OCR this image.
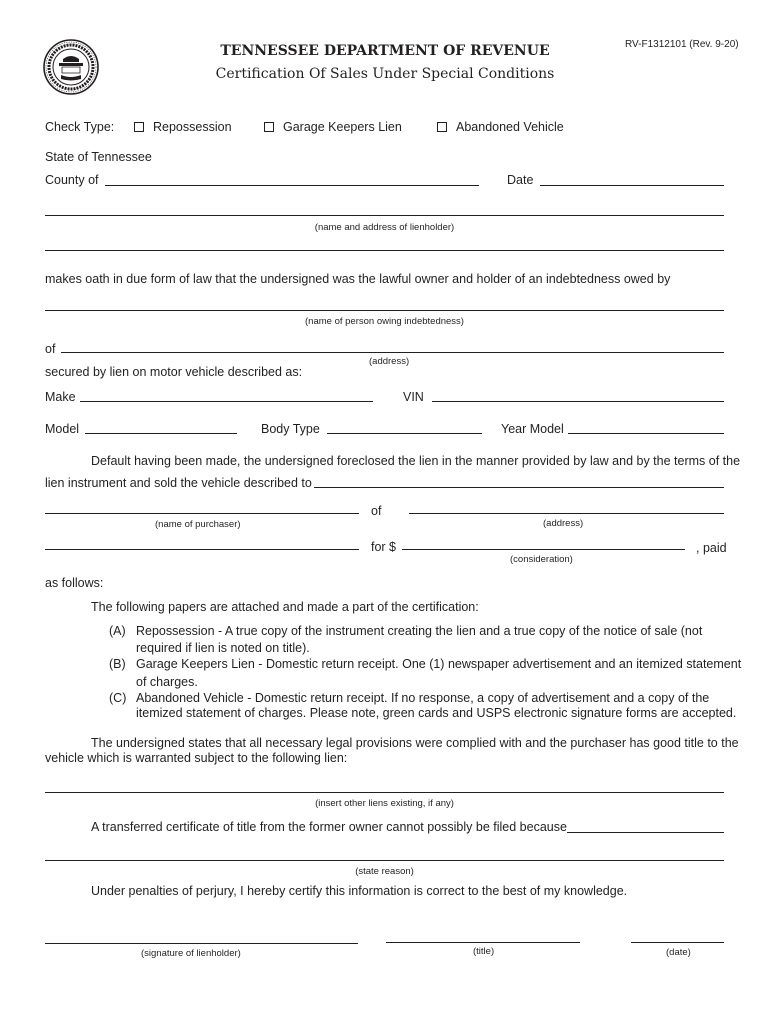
RV-F1312101 (Rev. 9-20)
TENNESSEE DEPARTMENT OF REVENUE
Certification Of Sales Under Special Conditions
Check Type:	Repossession	Garage Keepers Lien	Abandoned Vehicle
State of Tennessee
County of	Date
(name and address of lienholder)
makes oath in due form of law that the undersigned was the lawful owner and holder of an indebtedness owed by
(name of person owing indebtedness)
of
(address)
secured by lien on motor vehicle described as:
Make	VIN
Model	Body Type	Year Model
Default having been made, the undersigned foreclosed the lien in the manner provided by law and by the terms of the
lien instrument and sold the vehicle described to
of
(name of purchaser)	(address)
for $	, paid
(consideration)
as follows:
The following papers are attached and made a part of the certification:
(A) Repossession - A true copy of the instrument creating the lien and a true copy of the notice of sale (not
required if lien is noted on title).
(B) Garage Keepers Lien - Domestic return receipt. One (1) newspaper advertisement and an itemized statement
of charges.
(C) Abandoned Vehicle - Domestic return receipt. If no response, a copy of advertisement and a copy of the
itemized statement of charges. Please note, green cards and USPS electronic signature forms are accepted.
The undersigned states that all necessary legal provisions were complied with and the purchaser has good title to the
vehicle which is warranted subject to the following lien:
(insert other liens existing, if any)
A transferred certificate of title from the former owner cannot possibly be filed because
(state reason)
Under penalties of perjury, I hereby certify this information is correct to the best of my knowledge.
(signature of lienholder)	(title)	(date)
